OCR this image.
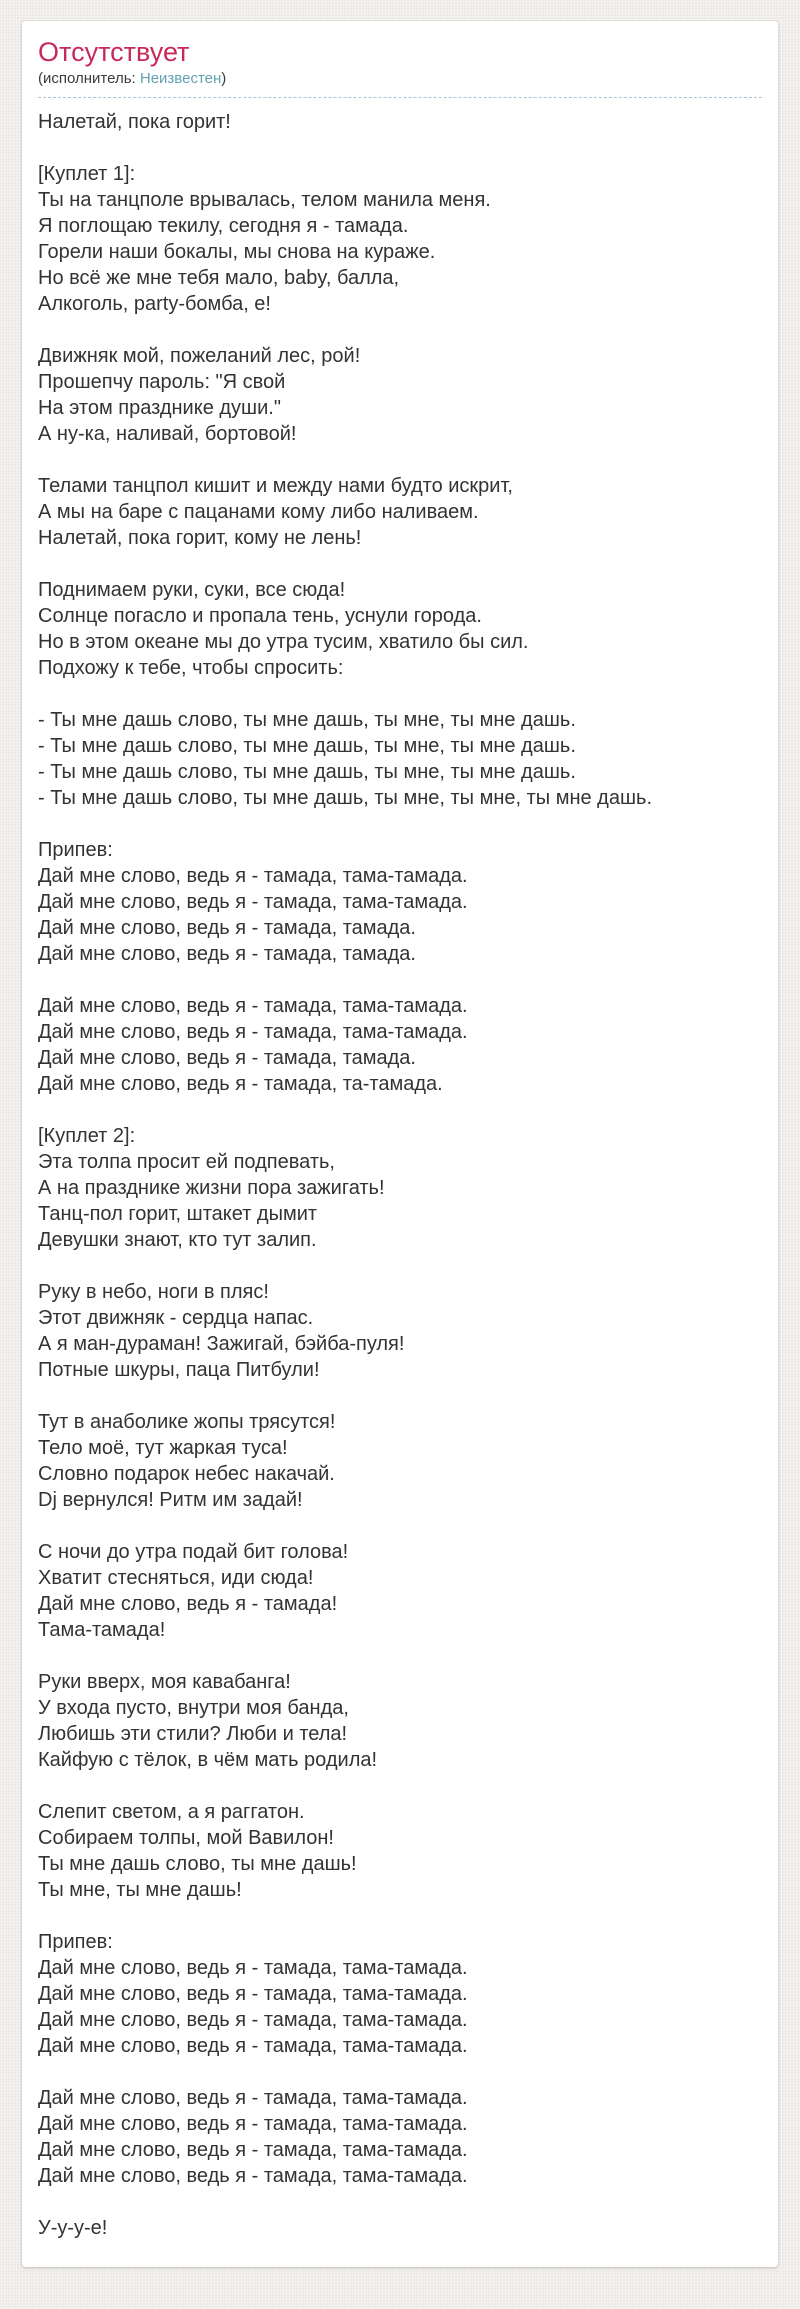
Отсутствует
(исполнитель: Неизвестен)
Налетай, пока горит!

[Куплет 1]:
Ты на танцполе врывалась, телом манила меня.
Я поглощаю текилу, сегодня я - тамада.
Горели наши бокалы, мы снова на кураже.
Но всё же мне тебя мало, baby, балла,
Алкоголь, party-бомба, е!

Движняк мой, пожеланий лес, рой!
Прошепчу пароль: "Я свой
На этом празднике души."
А ну-ка, наливай, бортовой!

Телами танцпол кишит и между нами будто искрит,
А мы на баре с пацанами кому либо наливаем.
Налетай, пока горит, кому не лень!

Поднимаем руки, суки, все сюда!
Солнце погасло и пропала тень, уснули города.
Но в этом океане мы до утра тусим, хватило бы сил.
Подхожу к тебе, чтобы спросить:

- Ты мне дашь слово, ты мне дашь, ты мне, ты мне дашь.
- Ты мне дашь слово, ты мне дашь, ты мне, ты мне дашь.
- Ты мне дашь слово, ты мне дашь, ты мне, ты мне дашь.
- Ты мне дашь слово, ты мне дашь, ты мне, ты мне, ты мне дашь.

Припев:
Дай мне слово, ведь я - тамада, тама-тамада.
Дай мне слово, ведь я - тамада, тама-тамада.
Дай мне слово, ведь я - тамада, тамада.
Дай мне слово, ведь я - тамада, тамада.

Дай мне слово, ведь я - тамада, тама-тамада.
Дай мне слово, ведь я - тамада, тама-тамада.
Дай мне слово, ведь я - тамада, тамада.
Дай мне слово, ведь я - тамада, та-тамада.

[Куплет 2]:
Эта толпа просит ей подпевать,
А на празднике жизни пора зажигать!
Танц-пол горит, штакет дымит
Девушки знают, кто тут залип.

Руку в небо, ноги в пляс!
Этот движняк - сердца напас.
А я ман-дураман! Зажигай, бэйба-пуля!
Потные шкуры, паца Питбули!

Тут в анаболике жопы трясутся!
Тело моё, тут жаркая туса!
Словно подарок небес накачай.
Dj вернулся! Ритм им задай!

С ночи до утра подай бит голова!
Хватит стесняться, иди сюда!
Дай мне слово, ведь я - тамада!
Тама-тамада!

Руки вверх, моя кавабанга!
У входа пусто, внутри моя банда,
Любишь эти стили? Люби и тела!
Кайфую с тёлок, в чём мать родила!

Слепит светом, а я раггатон.
Собираем толпы, мой Вавилон!
Ты мне дашь слово, ты мне дашь!
Ты мне, ты мне дашь!

Припев:
Дай мне слово, ведь я - тамада, тама-тамада.
Дай мне слово, ведь я - тамада, тама-тамада.
Дай мне слово, ведь я - тамада, тама-тамада.
Дай мне слово, ведь я - тамада, тама-тамада.

Дай мне слово, ведь я - тамада, тама-тамада.
Дай мне слово, ведь я - тамада, тама-тамада.
Дай мне слово, ведь я - тамада, тама-тамада.
Дай мне слово, ведь я - тамада, тама-тамада.

У-у-у-е!
